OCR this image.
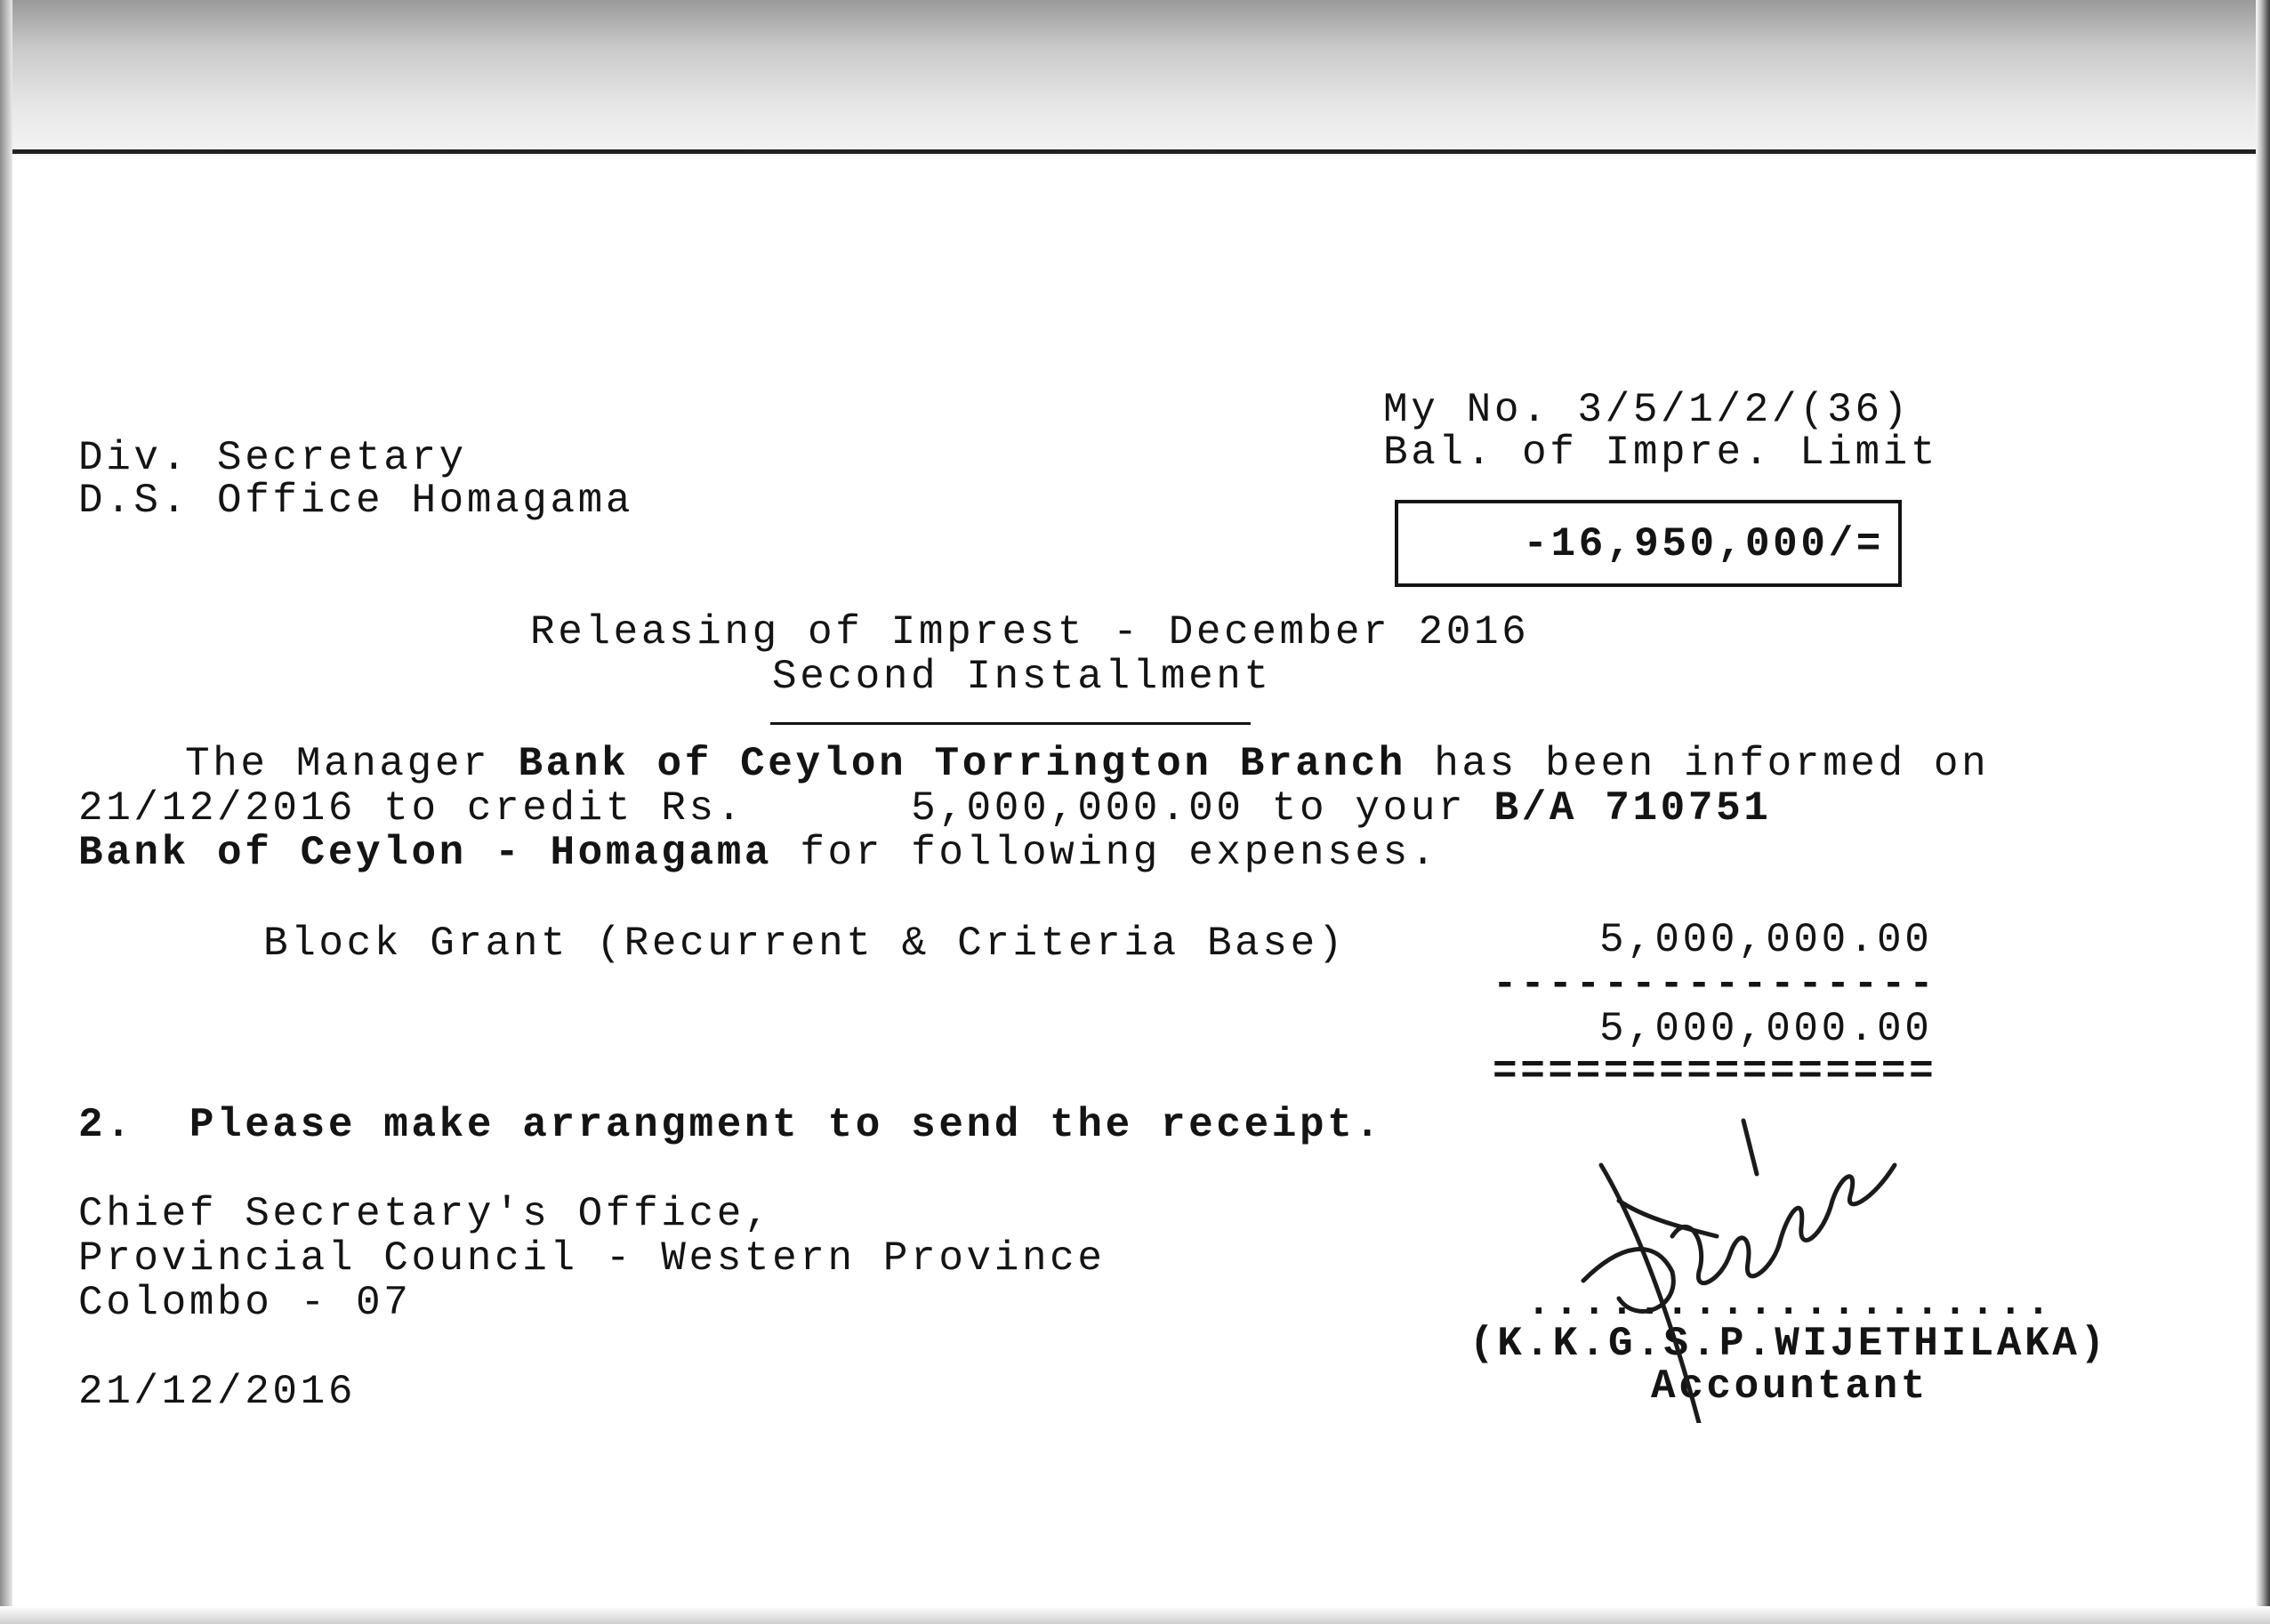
My No. 3/5/1/2/(36)
Bal. of Impre. Limit
-16,950,000/=
Div. Secretary
D.S. Office Homagama
Releasing of Imprest - December 2016
Second Installment
The Manager Bank of Ceylon Torrington Branch has been informed on
21/12/2016 to credit Rs.      5,000,000.00 to your B/A 710751
Bank of Ceylon - Homagama for following expenses.
Block Grant (Recurrent & Criteria Base)	5,000,000.00
----------------
5,000,000.00
================
2.  Please make arrangment to send the receipt.
Chief Secretary's Office,
Provincial Council - Western Province
Colombo - 07
21/12/2016
...................
(K.K.G.S.P.WIJETHILAKA)
Accountant
